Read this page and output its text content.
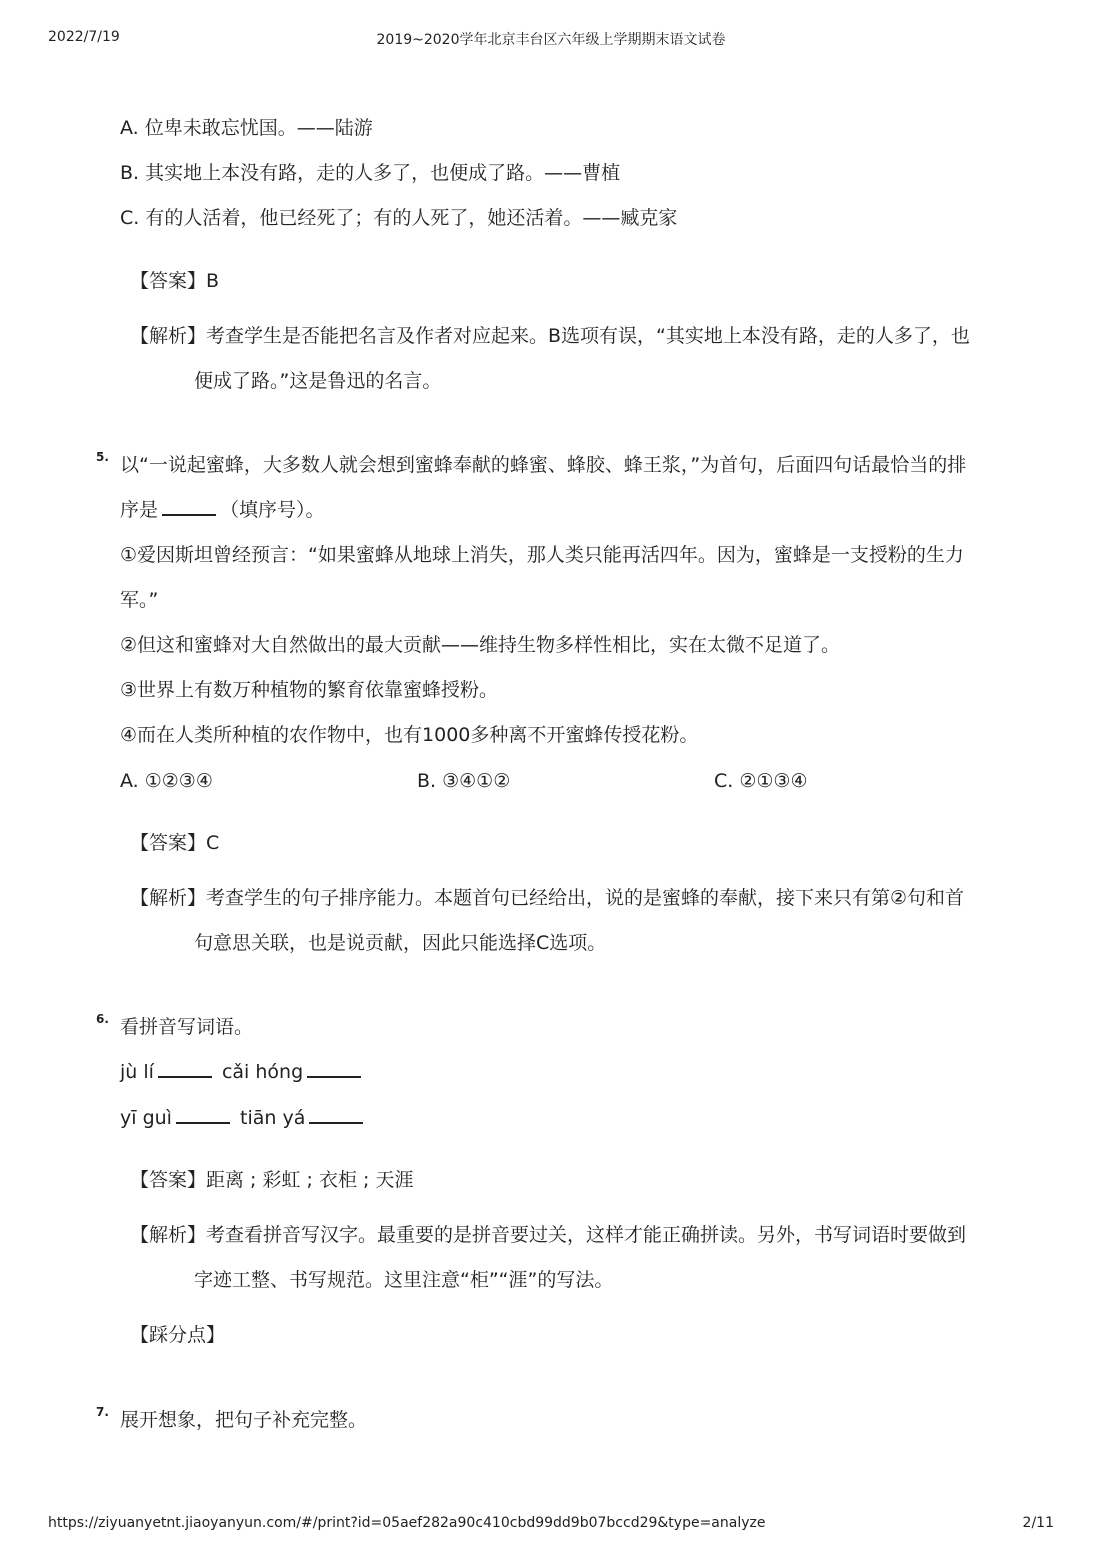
2022/7/19	2019~2020学年北京丰台区六年级上学期期末语文试卷
A. 位卑未敢忘忧国。——陆游
B. 其实地上本没有路，走的人多了，也便成了路。——曹植
C. 有的人活着，他已经死了；有的人死了，她还活着。——臧克家
【答案】B
【解析】考查学生是否能把名言及作者对应起来。B选项有误，“其实地上本没有路，走的人多了，也
便成了路。”这是鲁迅的名言。
5. 以“一说起蜜蜂，大多数人就会想到蜜蜂奉献的蜂蜜、蜂胶、蜂王浆，”为首句，后面四句话最恰当的排
序是	（填序号）。
①爱因斯坦曾经预言：“如果蜜蜂从地球上消失，那人类只能再活四年。因为，蜜蜂是一支授粉的生力
军。”
②但这和蜜蜂对大自然做出的最大贡献——维持生物多样性相比，实在太微不足道了。
③世界上有数万种植物的繁育依靠蜜蜂授粉。
④而在人类所种植的农作物中，也有1000多种离不开蜜蜂传授花粉。
A. ①②③④	B. ③④①②	C. ②①③④
【答案】C
【解析】考查学生的句子排序能力。本题首句已经给出，说的是蜜蜂的奉献，接下来只有第②句和首
句意思关联，也是说贡献，因此只能选择C选项。
6. 看拼音写词语。
jù lí	cǎi hóng
yī guì	tiān yá
【答案】距离 ; 彩虹 ; 衣柜 ; 天涯
【解析】考查看拼音写汉字。最重要的是拼音要过关，这样才能正确拼读。另外，书写词语时要做到
字迹工整、书写规范。这里注意“柜”“涯”的写法。
【踩分点】
7. 展开想象，把句子补充完整。
https://ziyuanyetnt.jiaoyanyun.com/#/print?id=05aef282a90c410cbd99dd9b07bccd29&type=analyze	2/11
